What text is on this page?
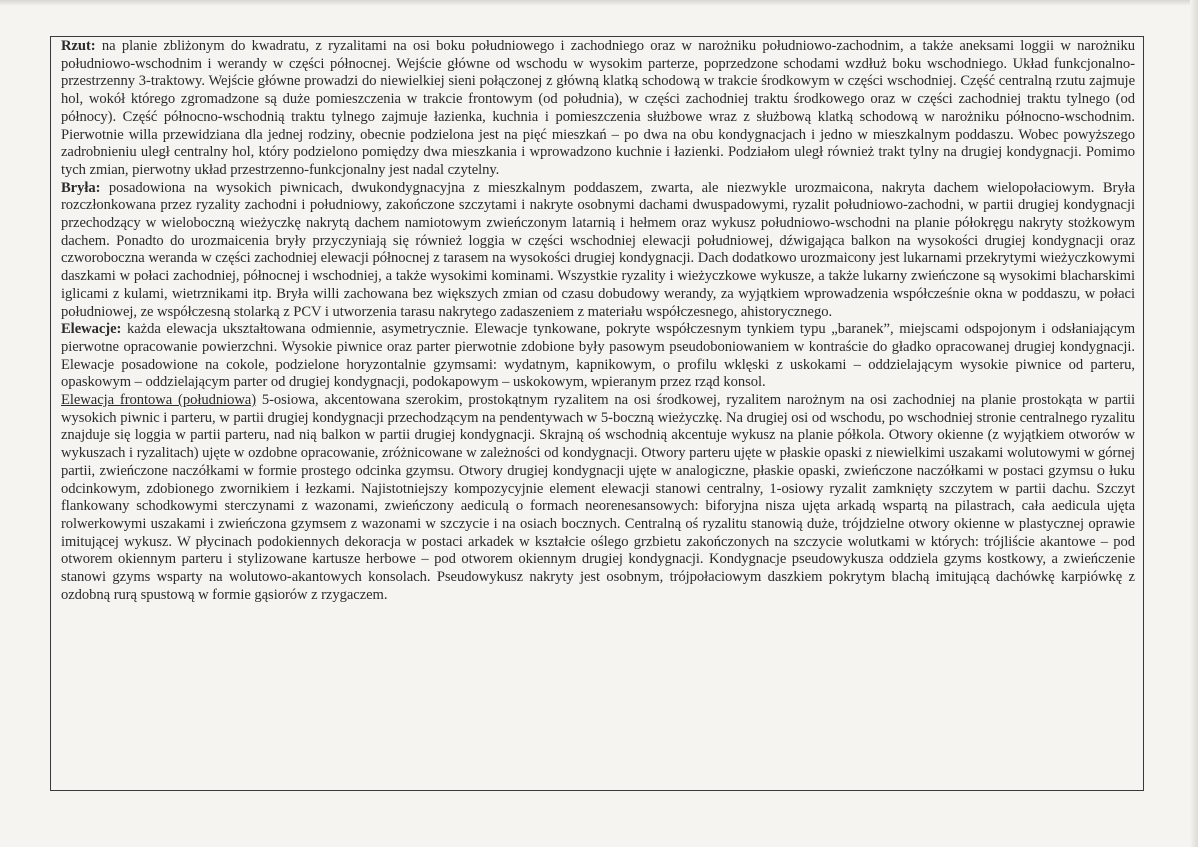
Rzut: na planie zbliżonym do kwadratu, z ryzalitami na osi boku południowego i zachodniego oraz w narożniku południowo-zachodnim, a także aneksami loggii w narożniku południowo-wschodnim i werandy w części północnej. Wejście główne od wschodu w wysokim parterze, poprzedzone schodami wzdłuż boku wschodniego. Układ funkcjonalno-przestrzenny 3-traktowy. Wejście główne prowadzi do niewielkiej sieni połączonej z główną klatką schodową w trakcie środkowym w części wschodniej. Część centralną rzutu zajmuje hol, wokół którego zgromadzone są duże pomieszczenia w trakcie frontowym (od południa), w części zachodniej traktu środkowego oraz w części zachodniej traktu tylnego (od północy). Część północno-wschodnią traktu tylnego zajmuje łazienka, kuchnia i pomieszczenia służbowe wraz z służbową klatką schodową w narożniku północno-wschodnim. Pierwotnie willa przewidziana dla jednej rodziny, obecnie podzielona jest na pięć mieszkań – po dwa na obu kondygnacjach i jedno w mieszkalnym poddaszu. Wobec powyższego zadrobnieniu uległ centralny hol, który podzielono pomiędzy dwa mieszkania i wprowadzono kuchnie i łazienki. Podziałom uległ również trakt tylny na drugiej kondygnacji. Pomimo tych zmian, pierwotny układ przestrzenno-funkcjonalny jest nadal czytelny.

Bryła: posadowiona na wysokich piwnicach, dwukondygnacyjna z mieszkalnym poddaszem, zwarta, ale niezwykle urozmaicona, nakryta dachem wielopołaciowym. Bryła rozczłonkowana przez ryzality zachodni i południowy, zakończone szczytami i nakryte osobnymi dachami dwuspadowymi, ryzalit południowo-zachodni, w partii drugiej kondygnacji przechodzący w wieloboczną wieżyczkę nakrytą dachem namiotowym zwieńczonym latarnią i hełmem oraz wykusz południowo-wschodni na planie półokręgu nakryty stożkowym dachem. Ponadto do urozmaicenia bryły przyczyniają się również loggia w części wschodniej elewacji południowej, dźwigająca balkon na wysokości drugiej kondygnacji oraz czworoboczna weranda w części zachodniej elewacji północnej z tarasem na wysokości drugiej kondygnacji. Dach dodatkowo urozmaicony jest lukarnami przekrytymi wieżyczkowymi daszkami w połaci zachodniej, północnej i wschodniej, a także wysokimi kominami. Wszystkie ryzality i wieżyczkowe wykusze, a także lukarny zwieńczone są wysokimi blacharskimi iglicami z kulami, wietrznikami itp. Bryła willi zachowana bez większych zmian od czasu dobudowy werandy, za wyjątkiem wprowadzenia współcześnie okna w poddaszu, w połaci południowej, ze współczesną stolarką z PCV i utworzenia tarasu nakrytego zadaszeniem z materiału współczesnego, ahistorycznego.

Elewacje: każda elewacja ukształtowana odmiennie, asymetrycznie. Elewacje tynkowane, pokryte współczesnym tynkiem typu „baranek”, miejscami odspojonym i odsłaniającym pierwotne opracowanie powierzchni. Wysokie piwnice oraz parter pierwotnie zdobione były pasowym pseudoboniowaniem w kontraście do gładko opracowanej drugiej kondygnacji. Elewacje posadowione na cokole, podzielone horyzontalnie gzymsami: wydatnym, kapnikowym, o profilu wklęski z uskokami – oddzielającym wysokie piwnice od parteru, opaskowym – oddzielającym parter od drugiej kondygnacji, podokapowym – uskokowym, wpieranym przez rząd konsol.

Elewacja frontowa (południowa) 5-osiowa, akcentowana szerokim, prostokątnym ryzalitem na osi środkowej, ryzalitem narożnym na osi zachodniej na planie prostokąta w partii wysokich piwnic i parteru, w partii drugiej kondygnacji przechodzącym na pendentywach w 5-boczną wieżyczkę. Na drugiej osi od wschodu, po wschodniej stronie centralnego ryzalitu znajduje się loggia w partii parteru, nad nią balkon w partii drugiej kondygnacji. Skrajną oś wschodnią akcentuje wykusz na planie półkola. Otwory okienne (z wyjątkiem otworów w wykuszach i ryzalitach) ujęte w ozdobne opracowanie, zróżnicowane w zależności od kondygnacji. Otwory parteru ujęte w płaskie opaski z niewielkimi uszakami wolutowymi w górnej partii, zwieńczone naczółkami w formie prostego odcinka gzymsu. Otwory drugiej kondygnacji ujęte w analogiczne, płaskie opaski, zwieńczone naczółkami w postaci gzymsu o łuku odcinkowym, zdobionego zwornikiem i łezkami. Najistotniejszy kompozycyjnie element elewacji stanowi centralny, 1-osiowy ryzalit zamknięty szczytem w partii dachu. Szczyt flankowany schodkowymi sterczynami z wazonami, zwieńczony aediculą o formach neorenesansowych: biforyjna nisza ujęta arkadą wspartą na pilastrach, cała aedicula ujęta rolwerkowymi uszakami i zwieńczona gzymsem z wazonami w szczycie i na osiach bocznych. Centralną oś ryzalitu stanowią duże, trójdzielne otwory okienne w plastycznej oprawie imitującej wykusz. W płycinach podokiennych dekoracja w postaci arkadek w kształcie oślego grzbietu zakończonych na szczycie wolutkami w których: trójliście akantowe – pod otworem okiennym parteru i stylizowane kartusze herbowe – pod otworem okiennym drugiej kondygnacji. Kondygnacje pseudowykusza oddziela gzyms kostkowy, a zwieńczenie stanowi gzyms wsparty na wolutowo-akantowych konsolach. Pseudowykusz nakryty jest osobnym, trójpołaciowym daszkiem pokrytym blachą imitującą dachówkę karpiówkę z ozdobną rurą spustową w formie gąsiorów z rzygaczem.
